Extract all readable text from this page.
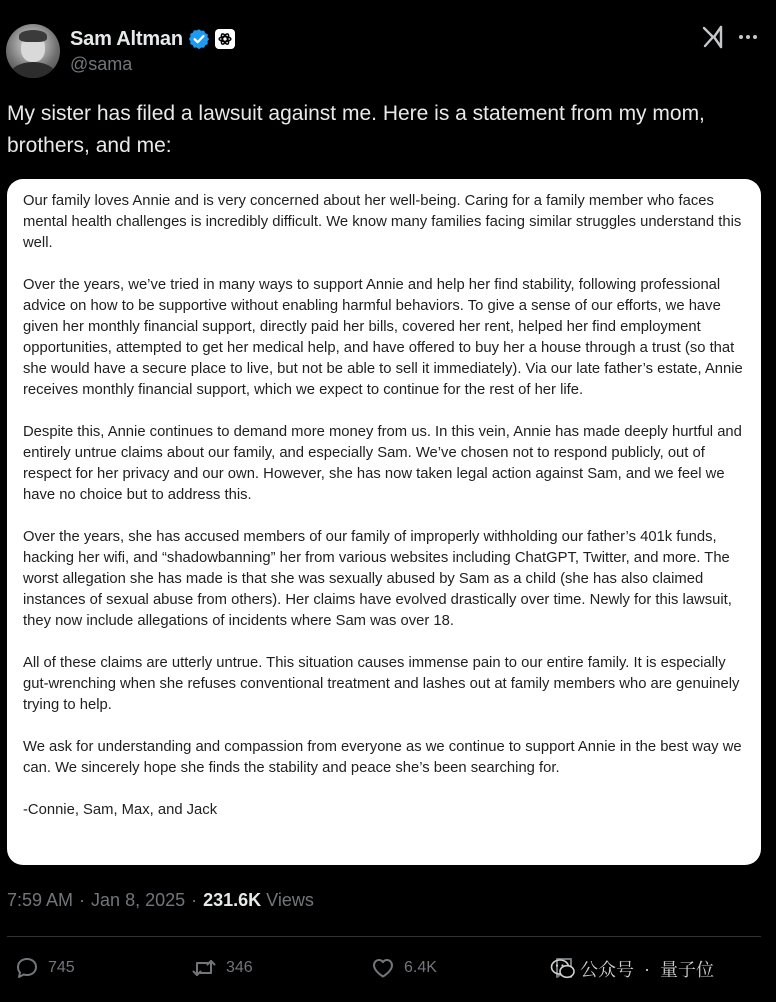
Sam Altman
@sama
My sister has filed a lawsuit against me. Here is a statement from my mom, brothers, and me:

Our family loves Annie and is very concerned about her well-being. Caring for a family member who faces mental health challenges is incredibly difficult. We know many families facing similar struggles understand this well.

Over the years, we’ve tried in many ways to support Annie and help her find stability, following professional advice on how to be supportive without enabling harmful behaviors. To give a sense of our efforts, we have given her monthly financial support, directly paid her bills, covered her rent, helped her find employment opportunities, attempted to get her medical help, and have offered to buy her a house through a trust (so that she would have a secure place to live, but not be able to sell it immediately). Via our late father’s estate, Annie receives monthly financial support, which we expect to continue for the rest of her life.

Despite this, Annie continues to demand more money from us. In this vein, Annie has made deeply hurtful and entirely untrue claims about our family, and especially Sam. We’ve chosen not to respond publicly, out of respect for her privacy and our own. However, she has now taken legal action against Sam, and we feel we have no choice but to address this.

Over the years, she has accused members of our family of improperly withholding our father’s 401k funds, hacking her wifi, and “shadowbanning” her from various websites including ChatGPT, Twitter, and more. The worst allegation she has made is that she was sexually abused by Sam as a child (she has also claimed instances of sexual abuse from others). Her claims have evolved drastically over time. Newly for this lawsuit, they now include allegations of incidents where Sam was over 18.

All of these claims are utterly untrue. This situation causes immense pain to our entire family. It is especially gut-wrenching when she refuses conventional treatment and lashes out at family members who are genuinely trying to help.

We ask for understanding and compassion from everyone as we continue to support Annie in the best way we can. We sincerely hope she finds the stability and peace she’s been searching for.

-Connie, Sam, Max, and Jack

7:59 AM · Jan 8, 2025 · 231.6K Views
745	346	6.4K	公众号 · 量子位
